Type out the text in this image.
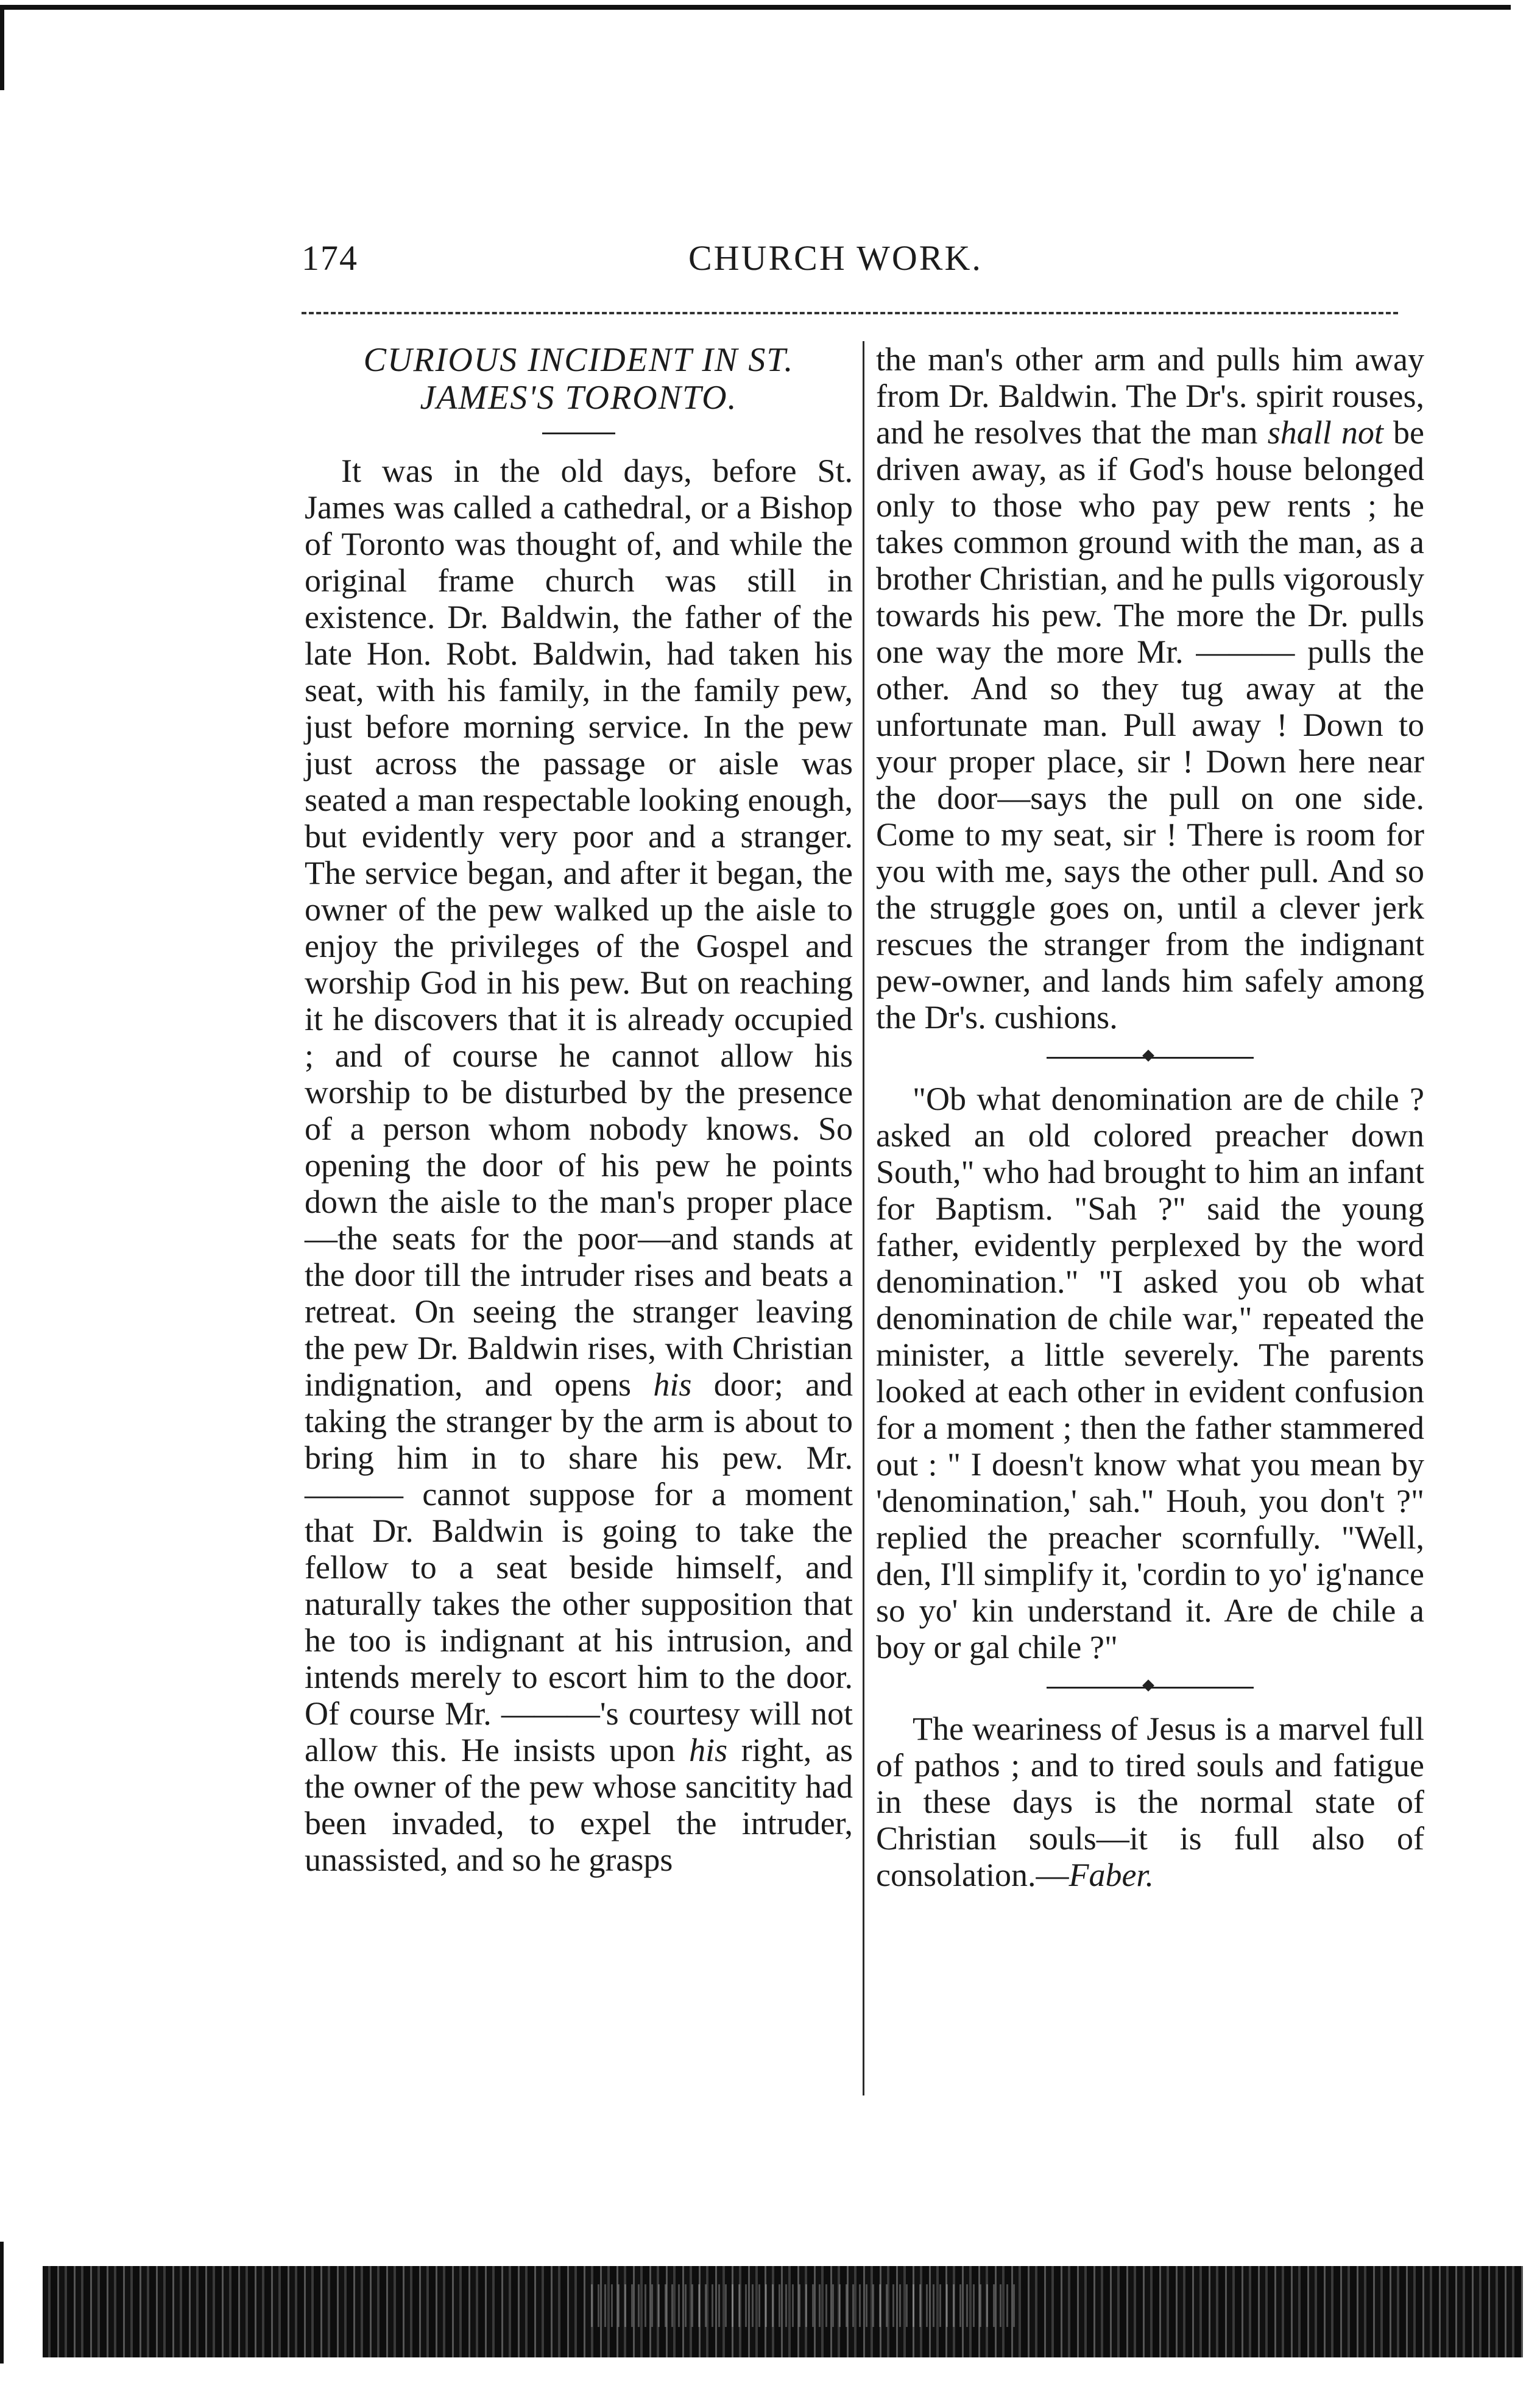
174	CHURCH WORK.

CURIOUS INCIDENT IN ST.
JAMES'S TORONTO.

It was in the old days, before St. James was called a cathedral, or a Bishop of Toronto was thought of, and while the original frame church was still in existence. Dr. Baldwin, the father of the late Hon. Robt. Baldwin, had taken his seat, with his family, in the family pew, just before morning service. In the pew just across the passage or aisle was seated a man respectable looking enough, but evidently very poor and a stranger. The service began, and after it began, the owner of the pew walked up the aisle to enjoy the privileges of the Gospel and worship God in his pew. But on reaching it he discovers that it is already occupied ; and of course he cannot allow his worship to be disturbed by the presence of a person whom nobody knows. So opening the door of his pew he points down the aisle to the man's proper place—the seats for the poor—and stands at the door till the intruder rises and beats a retreat. On seeing the stranger leaving the pew Dr. Baldwin rises, with Christian indignation, and opens his door; and taking the stranger by the arm is about to bring him in to share his pew. Mr. ——— cannot suppose for a moment that Dr. Baldwin is going to take the fellow to a seat beside himself, and naturally takes the other supposition that he too is indignant at his intrusion, and intends merely to escort him to the door. Of course Mr. ———'s courtesy will not allow this. He insists upon his right, as the owner of the pew whose sancitity had been invaded, to expel the intruder, unassisted, and so he grasps

the man's other arm and pulls him away from Dr. Baldwin. The Dr's. spirit rouses, and he resolves that the man shall not be driven away, as if God's house belonged only to those who pay pew rents ; he takes common ground with the man, as a brother Christian, and he pulls vigorously towards his pew. The more the Dr. pulls one way the more Mr. ——— pulls the other. And so they tug away at the unfortunate man. Pull away ! Down to your proper place, sir ! Down here near the door—says the pull on one side. Come to my seat, sir ! There is room for you with me, says the other pull. And so the struggle goes on, until a clever jerk rescues the stranger from the indignant pew-owner, and lands him safely among the Dr's. cushions.

"Ob what denomination are de chile ? asked an old colored preacher down South," who had brought to him an infant for Baptism. "Sah ?" said the young father, evidently perplexed by the word denomination." "I asked you ob what denomination de chile war," repeated the minister, a little severely. The parents looked at each other in evident confusion for a moment ; then the father stammered out : " I doesn't know what you mean by 'denomination,' sah." Houh, you don't ?" replied the preacher scornfully. "Well, den, I'll simplify it, 'cordin to yo' ig'nance so yo' kin understand it. Are de chile a boy or gal chile ?"

The weariness of Jesus is a marvel full of pathos ; and to tired souls and fatigue in these days is the normal state of Christian souls—it is full also of consolation.—Faber.
